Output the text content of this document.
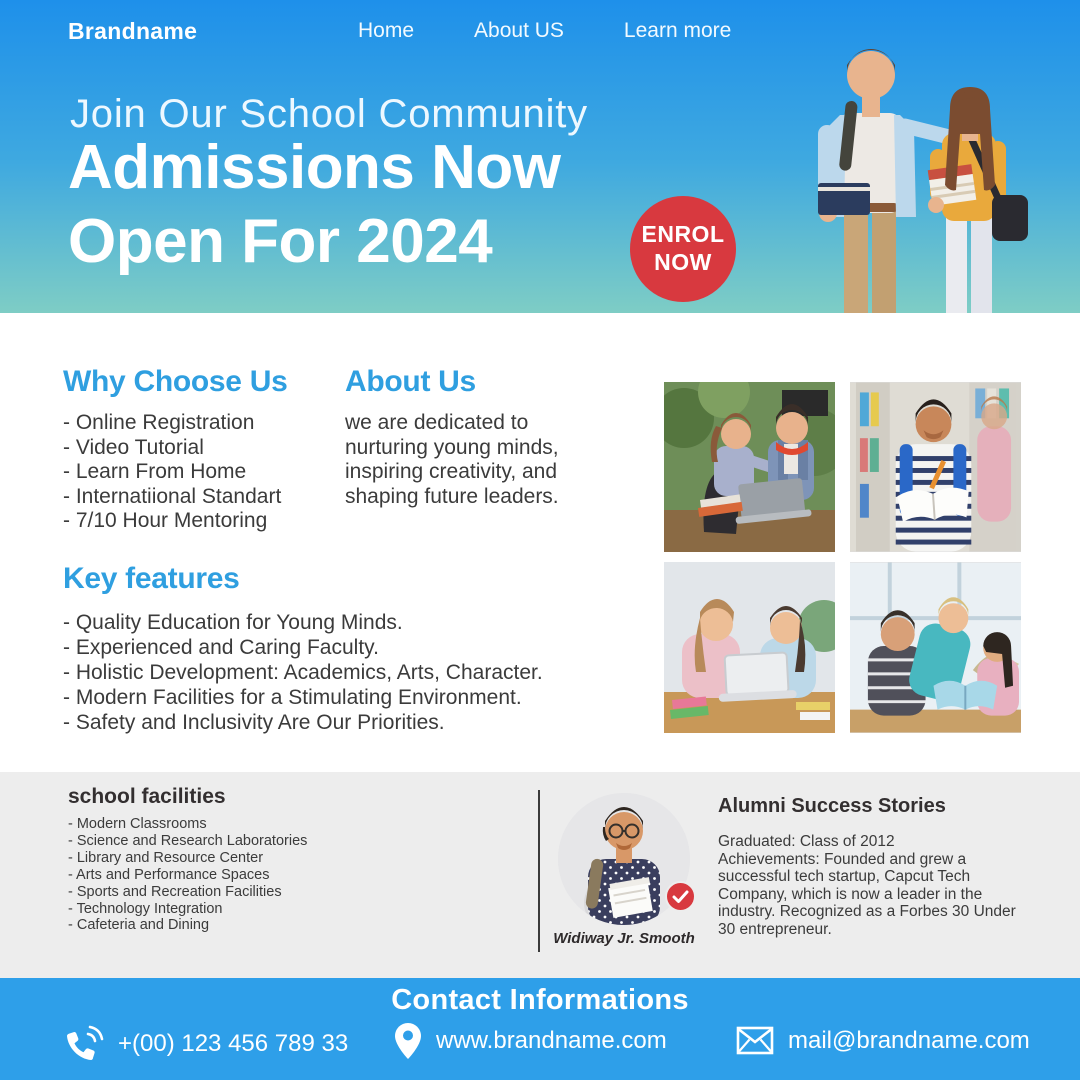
Brandname	Home	About US	Learn more
Join Our School Community
Admissions Now
Open For 2024	ENROL
NOW
Why Choose Us
- Online Registration
- Video Tutorial
- Learn From Home
- Internatiional Standart
- 7/10 Hour Mentoring
About Us
we are dedicated to nurturing young minds, inspiring creativity, and shaping future leaders.
Key features
- Quality Education for Young Minds.
- Experienced and Caring Faculty.
- Holistic Development: Academics, Arts, Character.
- Modern Facilities for a Stimulating Environment.
- Safety and Inclusivity Are Our Priorities.
school facilities
- Modern Classrooms
- Science and Research Laboratories
- Library and Resource Center
- Arts and Performance Spaces
- Sports and Recreation Facilities
- Technology Integration
- Cafeteria and Dining
Widiway Jr. Smooth
Alumni Success Stories

Graduated: Class of 2012

Achievements: Founded and grew a successful tech startup, Capcut Tech Company, which is now a leader in the industry. Recognized as a Forbes 30 Under 30 entrepreneur.

Contact Informations
+(00) 123 456 789 33	www.brandname.com	mail@brandname.com
